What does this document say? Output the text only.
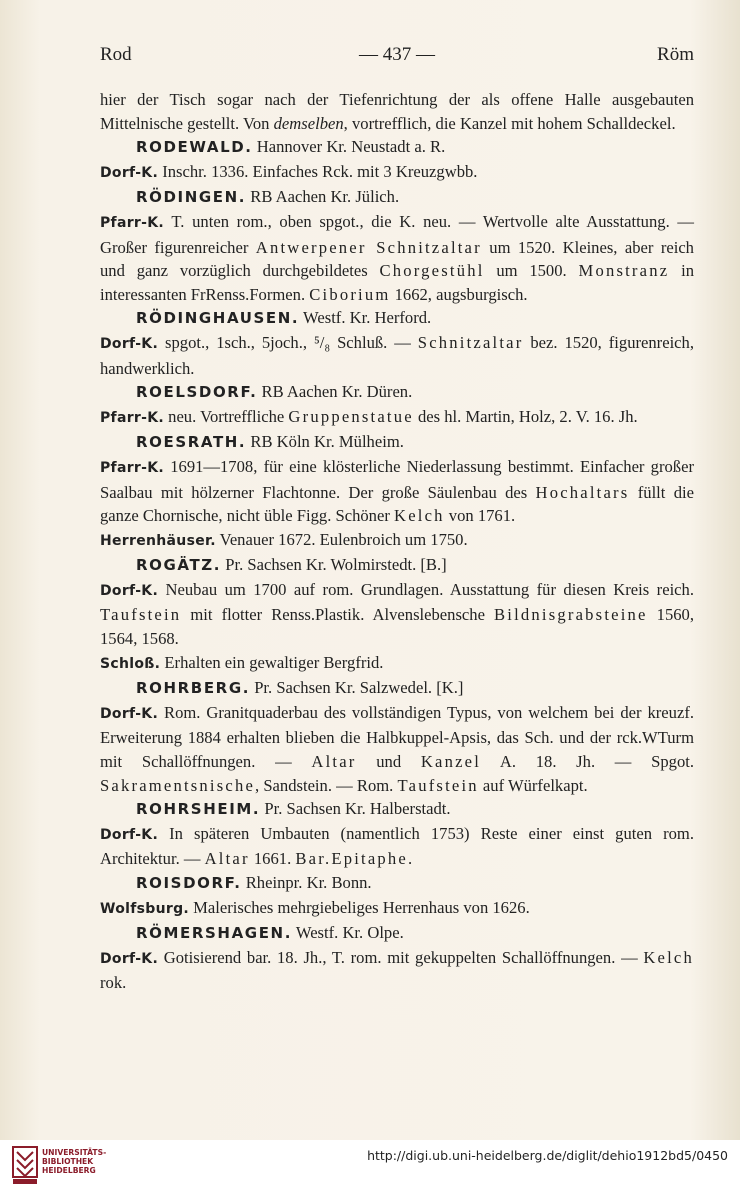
Rod	— 437 —	Röm

hier der Tisch sogar nach der Tiefenrichtung der als offene Halle ausgebauten Mittelnische gestellt. Von demselben, vortrefflich, die Kanzel mit hohem Schalldeckel.

RODEWALD. Hannover Kr. Neustadt a. R.

Dorf-K. Inschr. 1336. Einfaches Rck. mit 3 Kreuzgwbb.

RÖDINGEN. RB Aachen Kr. Jülich.

Pfarr-K. T. unten rom., oben spgot., die K. neu. — Wertvolle alte Ausstattung. — Großer figurenreicher Antwerpener Schnitzaltar um 1520. Kleines, aber reich und ganz vorzüglich durchgebildetes Chorgestühl um 1500. Monstranz in interessanten FrRenss.Formen. Ciborium 1662, augsburgisch.

RÖDINGHAUSEN. Westf. Kr. Herford.

Dorf-K. spgot., 1sch., 5joch., ⁵/₈ Schluß. — Schnitzaltar bez. 1520, figurenreich, handwerklich.

ROELSDORF. RB Aachen Kr. Düren.

Pfarr-K. neu. Vortreffliche Gruppenstatue des hl. Martin, Holz, 2. V. 16. Jh.

ROESRATH. RB Köln Kr. Mülheim.

Pfarr-K. 1691—1708, für eine klösterliche Niederlassung bestimmt. Einfacher großer Saalbau mit hölzerner Flachtonne. Der große Säulenbau des Hochaltars füllt die ganze Chornische, nicht üble Figg. Schöner Kelch von 1761.

Herrenhäuser. Venauer 1672. Eulenbroich um 1750.

ROGÄTZ. Pr. Sachsen Kr. Wolmirstedt. [B.]

Dorf-K. Neubau um 1700 auf rom. Grundlagen. Ausstattung für diesen Kreis reich. Taufstein mit flotter Renss.Plastik. Alvenslebensche Bildnisgrabsteine 1560, 1564, 1568.

Schloß. Erhalten ein gewaltiger Bergfrid.

ROHRBERG. Pr. Sachsen Kr. Salzwedel. [K.]

Dorf-K. Rom. Granitquaderbau des vollständigen Typus, von welchem bei der kreuzf. Erweiterung 1884 erhalten blieben die Halbkuppel-Apsis, das Sch. und der rck.WTurm mit Schallöffnungen. — Altar und Kanzel A. 18. Jh. — Spgot. Sakramentsnische, Sandstein. — Rom. Taufstein auf Würfelkapt.

ROHRSHEIM. Pr. Sachsen Kr. Halberstadt.

Dorf-K. In späteren Umbauten (namentlich 1753) Reste einer einst guten rom. Architektur. — Altar 1661. Bar.Epitaphe.

ROISDORF. Rheinpr. Kr. Bonn.

Wolfsburg. Malerisches mehrgiebeliges Herrenhaus von 1626.

RÖMERSHAGEN. Westf. Kr. Olpe.

Dorf-K. Gotisierend bar. 18. Jh., T. rom. mit gekuppelten Schallöffnungen. — Kelch rok.

UNIVERSITÄTS-
BIBLIOTHEK
HEIDELBERG
http://digi.ub.uni-heidelberg.de/diglit/dehio1912bd5/0450
